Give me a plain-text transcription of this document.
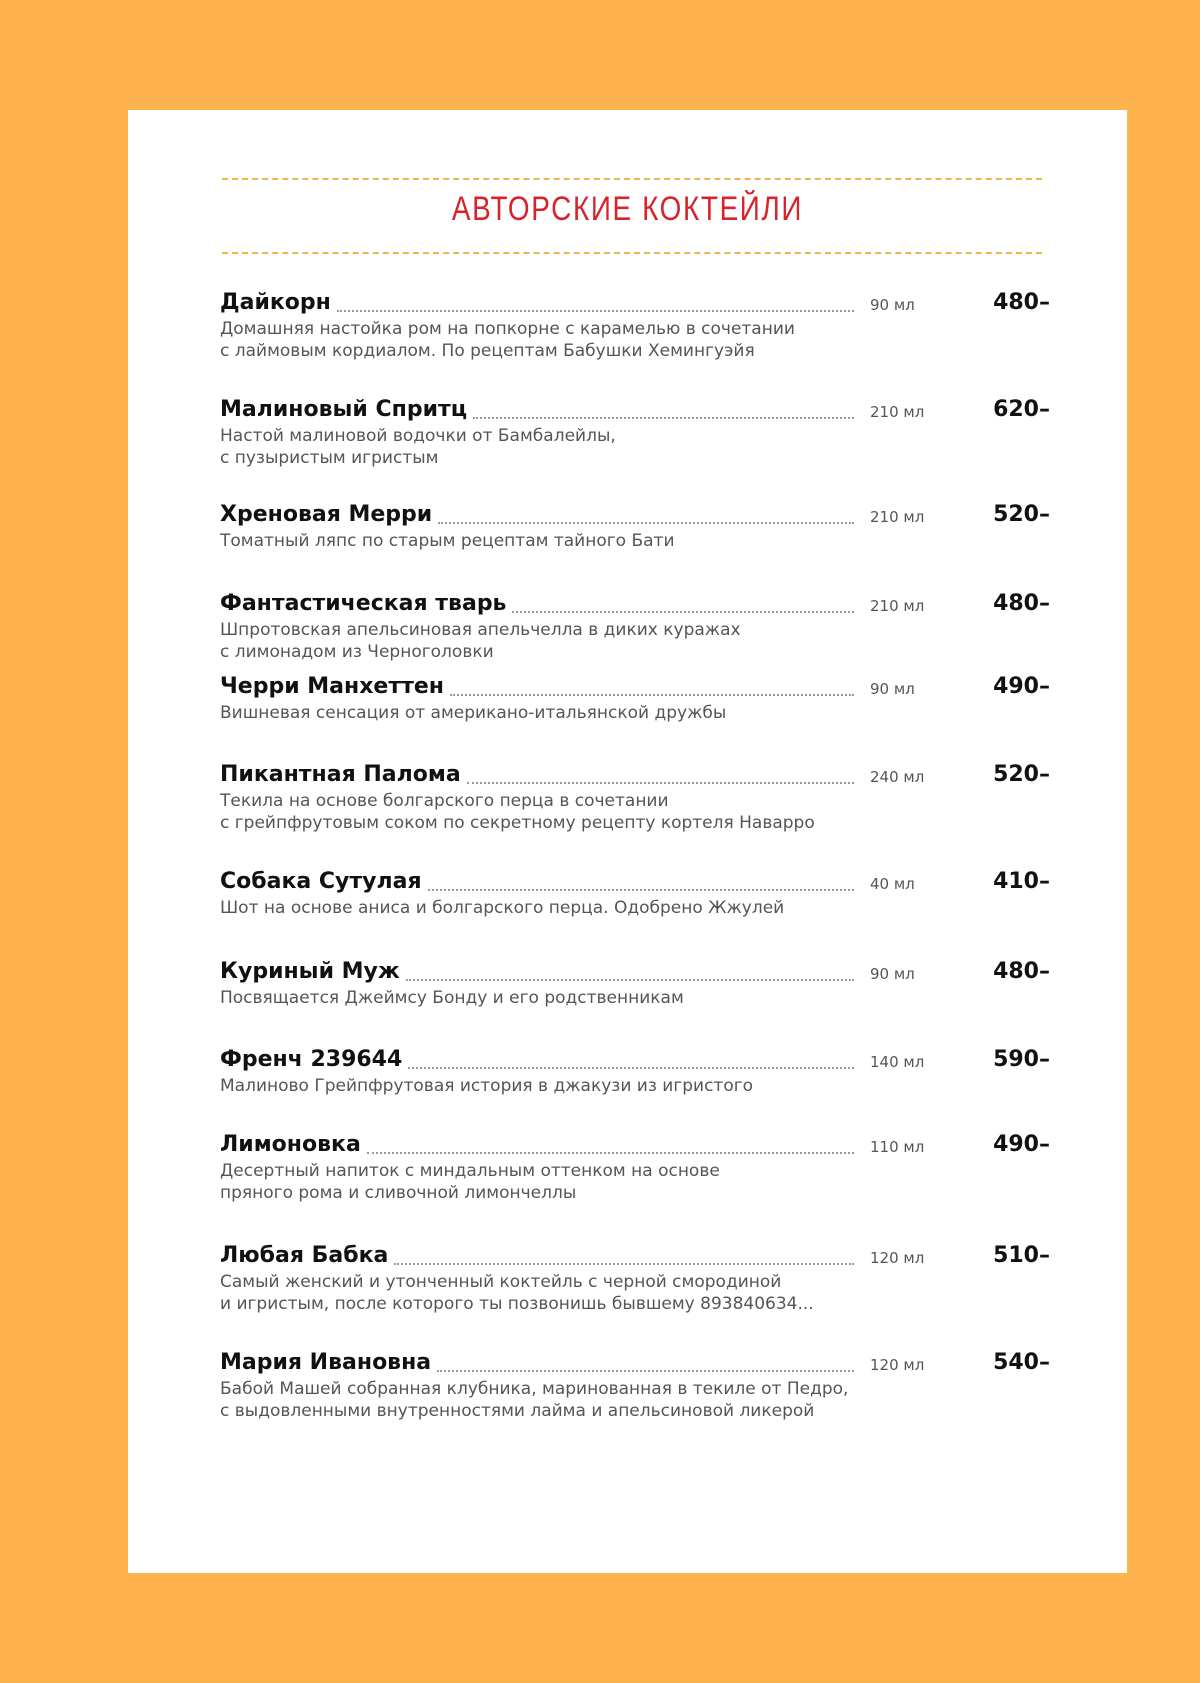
АВТОРСКИЕ КОКТЕЙЛИ
Дайкорн	90 мл	480–
Домашняя настойка ром на попкорне с карамелью в сочетании
с лаймовым кордиалом. По рецептам Бабушки Хемингуэйя
Малиновый Спритц	210 мл	620–
Настой малиновой водочки от Бамбалейлы,
с пузыристым игристым
Хреновая Мерри	210 мл	520–
Томатный ляпс по старым рецептам тайного Бати
Фантастическая тварь	210 мл	480–
Шпротовская апельсиновая апельчелла в диких куражах
с лимонадом из Черноголовки
Черри Манхеттен	90 мл	490–
Вишневая сенсация от американо-итальянской дружбы
Пикантная Палома	240 мл	520–
Текила на основе болгарского перца в сочетании
с грейпфрутовым соком по секретному рецепту кортеля Наварро
Собака Сутулая	40 мл	410–
Шот на основе аниса и болгарского перца. Одобрено Жжулей
Куриный Муж	90 мл	480–
Посвящается Джеймсу Бонду и его родственникам
Френч 239644	140 мл	590–
Малиново Грейпфрутовая история в джакузи из игристого
Лимоновка	110 мл	490–
Десертный напиток с миндальным оттенком на основе
пряного рома и сливочной лимончеллы
Любая Бабка	120 мл	510–
Самый женский и утонченный коктейль с черной смородиной
и игристым, после которого ты позвонишь бывшему 893840634...
Мария Ивановна	120 мл	540–
Бабой Машей собранная клубника, маринованная в текиле от Педро,
с выдовленными внутренностями лайма и апельсиновой ликерой
